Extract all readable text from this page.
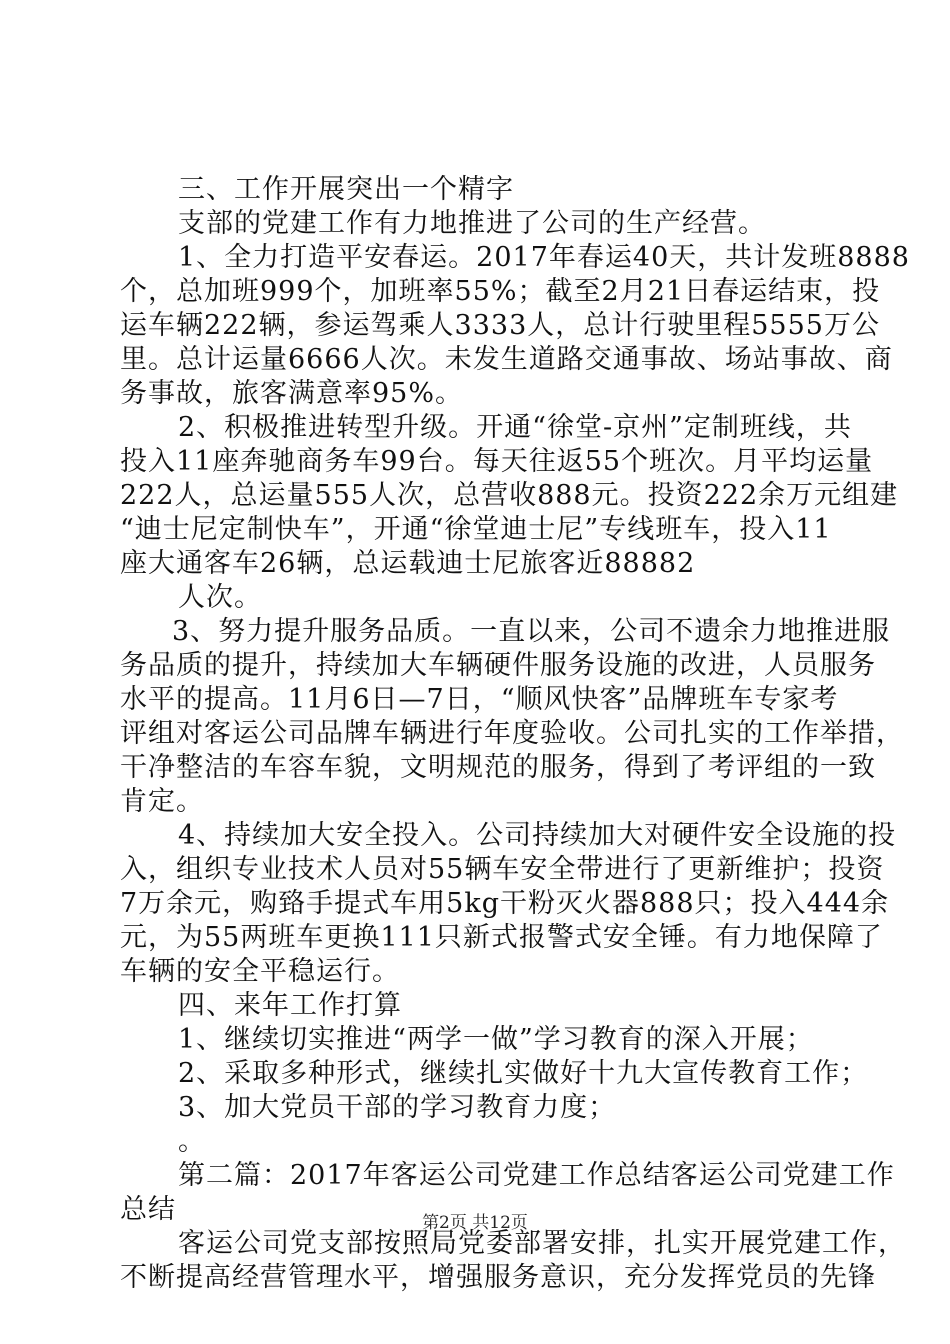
三、工作开展突出一个精字
支部的党建工作有力地推进了公司的生产经营。
1、全力打造平安春运。2017年春运40天，共计发班8888
个，总加班999个，加班率55%；截至2月21日春运结束，投
运车辆222辆，参运驾乘人3333人，总计行驶里程5555万公
里。总计运量6666人次。未发生道路交通事故、场站事故、商
务事故，旅客满意率95%。
2、积极推进转型升级。开通“徐堂-京州”定制班线，共
投入11座奔驰商务车99台。每天往返55个班次。月平均运量
222人，总运量555人次，总营收888元。投资222余万元组建
“迪士尼定制快车”，开通“徐堂迪士尼”专线班车，投入11
座大通客车26辆，总运载迪士尼旅客近88882
人次。
3、努力提升服务品质。一直以来，公司不遗余力地推进服
务品质的提升，持续加大车辆硬件服务设施的改进，人员服务
水平的提高。11月6日—7日，“顺风快客”品牌班车专家考
评组对客运公司品牌车辆进行年度验收。公司扎实的工作举措，
干净整洁的车容车貌，文明规范的服务，得到了考评组的一致
肯定。
4、持续加大安全投入。公司持续加大对硬件安全设施的投
入，组织专业技术人员对55辆车安全带进行了更新维护；投资
7万余元，购臵手提式车用5kg干粉灭火器888只；投入444余
元，为55两班车更换111只新式报警式安全锤。有力地保障了
车辆的安全平稳运行。
四、来年工作打算
1、继续切实推进“两学一做”学习教育的深入开展；
2、采取多种形式，继续扎实做好十九大宣传教育工作；
3、加大党员干部的学习教育力度；
。
第二篇：2017年客运公司党建工作总结客运公司党建工作
总结
客运公司党支部按照局党委部署安排，扎实开展党建工作，
不断提高经营管理水平，增强服务意识，充分发挥党员的先锋
第2页 共12页
